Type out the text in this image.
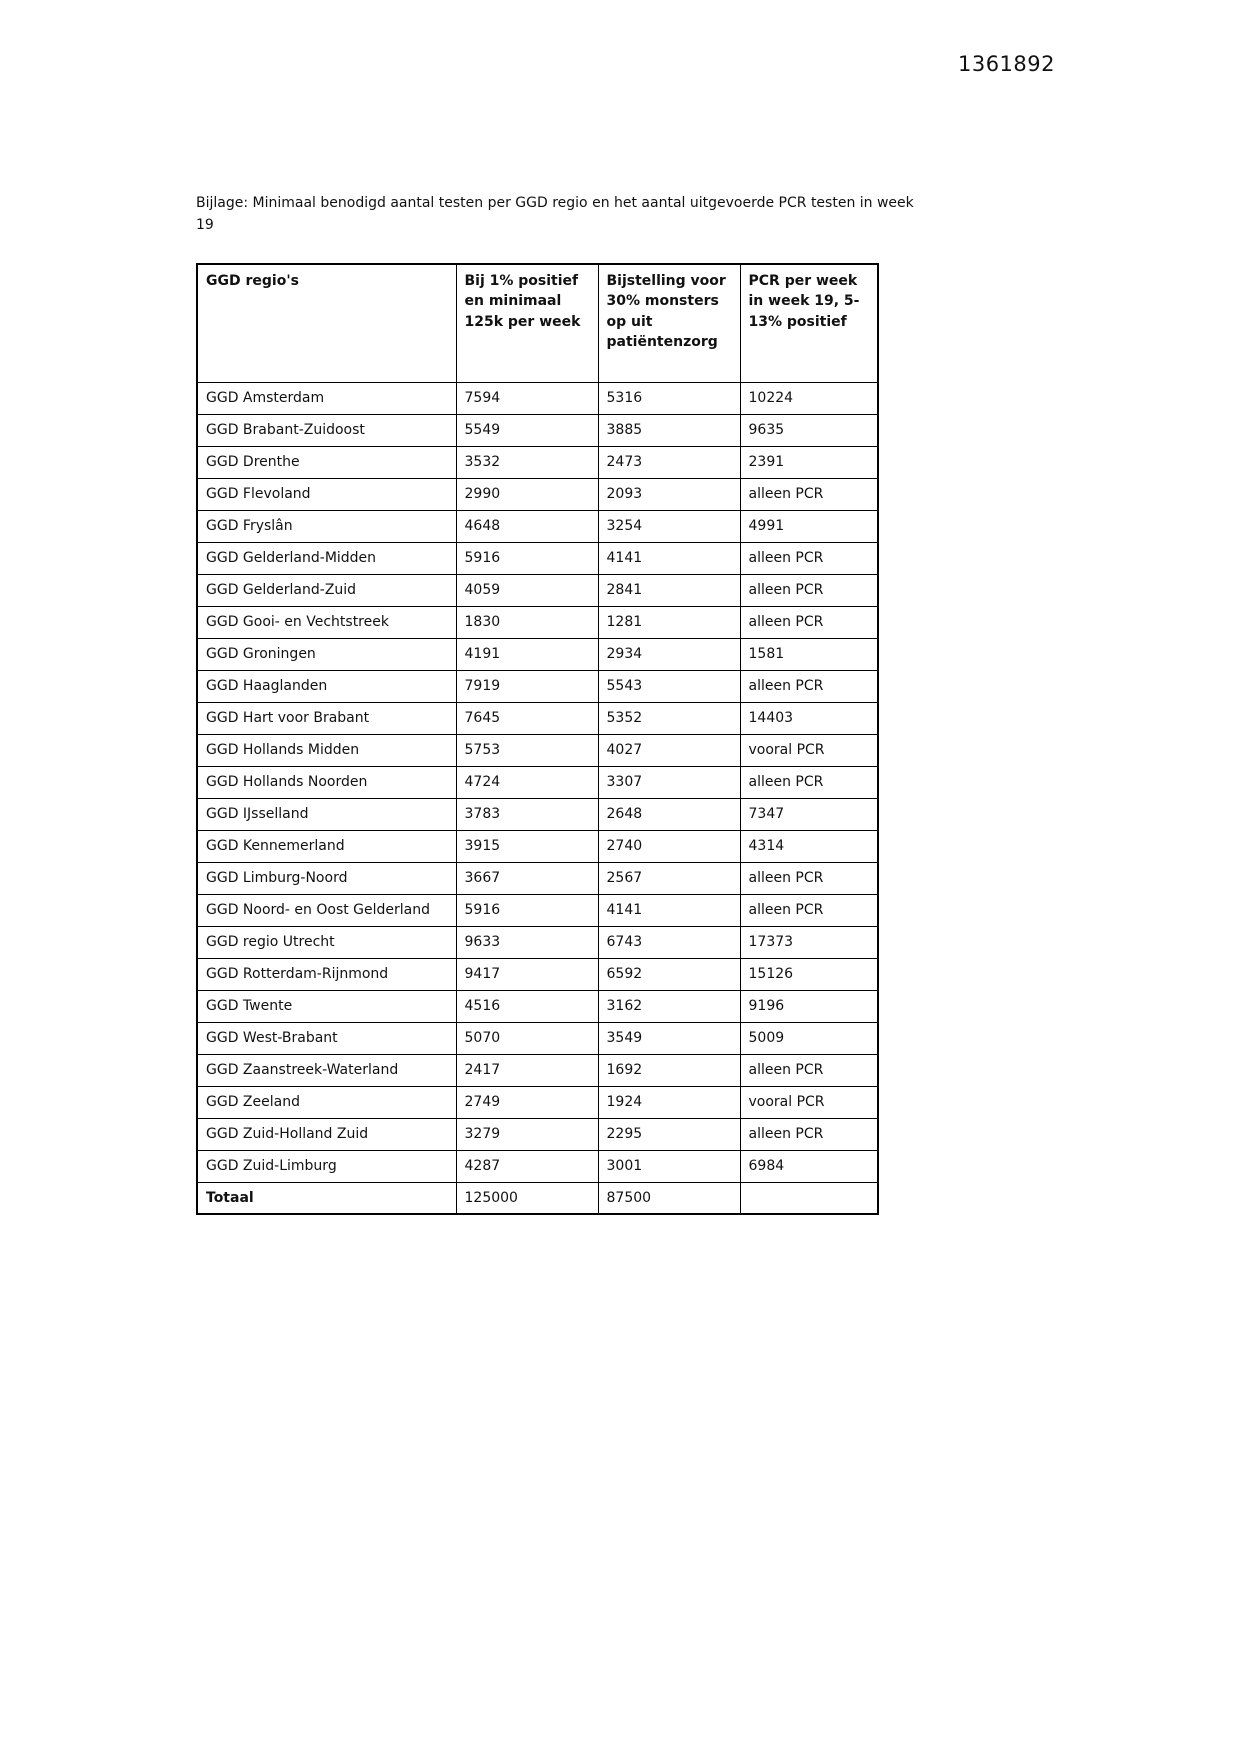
1361892
Bijlage: Minimaal benodigd aantal testen per GGD regio en het aantal uitgevoerde PCR testen in week 19
GGD regio's	Bij 1% positief en minimaal 125k per week	Bijstelling voor 30% monsters op uit patiëntenzorg	PCR per week in week 19, 5-13% positief
GGD Amsterdam	7594	5316	10224
GGD Brabant-Zuidoost	5549	3885	9635
GGD Drenthe	3532	2473	2391
GGD Flevoland	2990	2093	alleen PCR
GGD Fryslân	4648	3254	4991
GGD Gelderland-Midden	5916	4141	alleen PCR
GGD Gelderland-Zuid	4059	2841	alleen PCR
GGD Gooi- en Vechtstreek	1830	1281	alleen PCR
GGD Groningen	4191	2934	1581
GGD Haaglanden	7919	5543	alleen PCR
GGD Hart voor Brabant	7645	5352	14403
GGD Hollands Midden	5753	4027	vooral PCR
GGD Hollands Noorden	4724	3307	alleen PCR
GGD IJsselland	3783	2648	7347
GGD Kennemerland	3915	2740	4314
GGD Limburg-Noord	3667	2567	alleen PCR
GGD Noord- en Oost Gelderland	5916	4141	alleen PCR
GGD regio Utrecht	9633	6743	17373
GGD Rotterdam-Rijnmond	9417	6592	15126
GGD Twente	4516	3162	9196
GGD West-Brabant	5070	3549	5009
GGD Zaanstreek-Waterland	2417	1692	alleen PCR
GGD Zeeland	2749	1924	vooral PCR
GGD Zuid-Holland Zuid	3279	2295	alleen PCR
GGD Zuid-Limburg	4287	3001	6984
Totaal	125000	87500	
